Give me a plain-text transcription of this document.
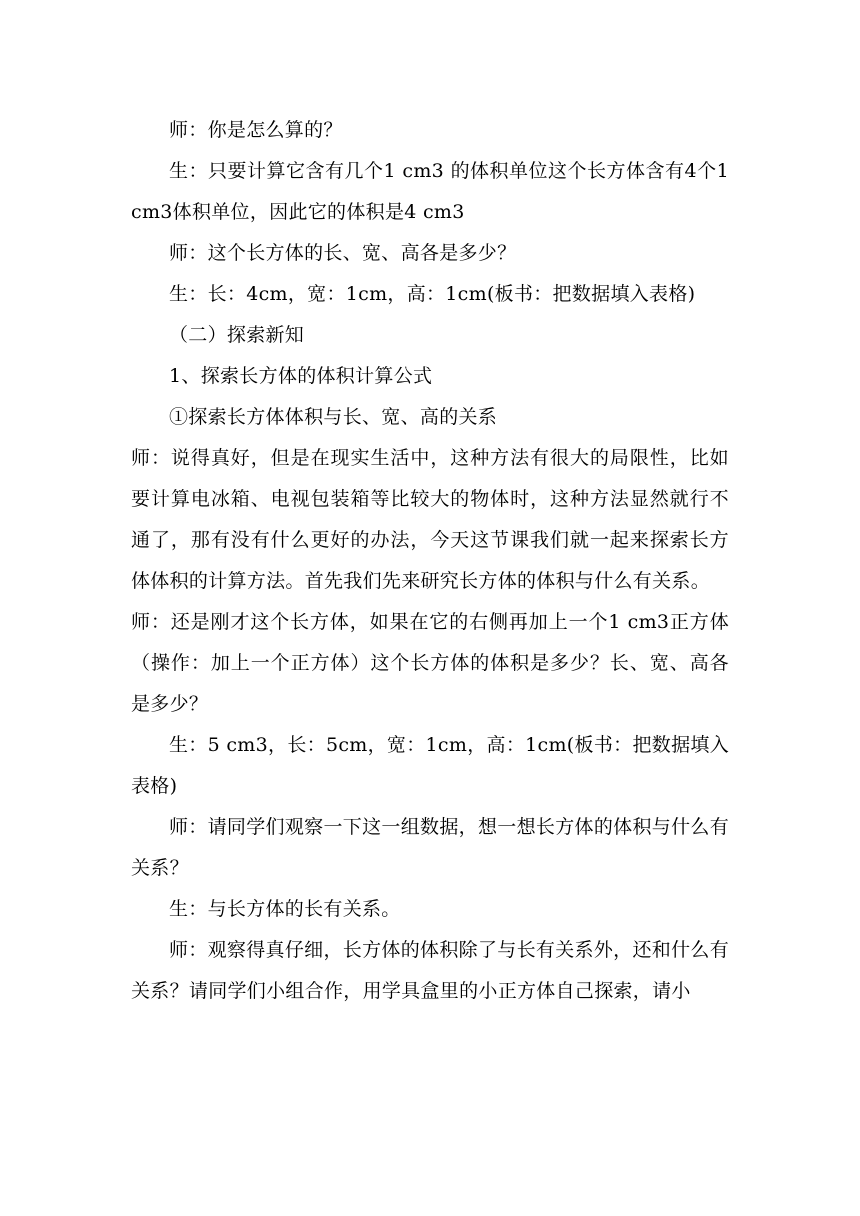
师：你是怎么算的？

生：只要计算它含有几个1 cm3 的体积单位这个长方体含有4个1 cm3体积单位，因此它的体积是4 cm3

师：这个长方体的长、宽、高各是多少？

生：长：4cm，宽：1cm，高：1cm(板书：把数据填入表格)

（二）探索新知

1、探索长方体的体积计算公式

①探索长方体体积与长、宽、高的关系

师：说得真好，但是在现实生活中，这种方法有很大的局限性，比如要计算电冰箱、电视包装箱等比较大的物体时，这种方法显然就行不通了，那有没有什么更好的办法，今天这节课我们就一起来探索长方体体积的计算方法。首先我们先来研究长方体的体积与什么有关系。

师：还是刚才这个长方体，如果在它的右侧再加上一个1 cm3正方体（操作：加上一个正方体）这个长方体的体积是多少？长、宽、高各是多少？

生：5 cm3，长：5cm，宽：1cm，高：1cm(板书：把数据填入表格)

师：请同学们观察一下这一组数据，想一想长方体的体积与什么有关系？

生：与长方体的长有关系。

师：观察得真仔细，长方体的体积除了与长有关系外，还和什么有关系？请同学们小组合作，用学具盒里的小正方体自己探索，请小
